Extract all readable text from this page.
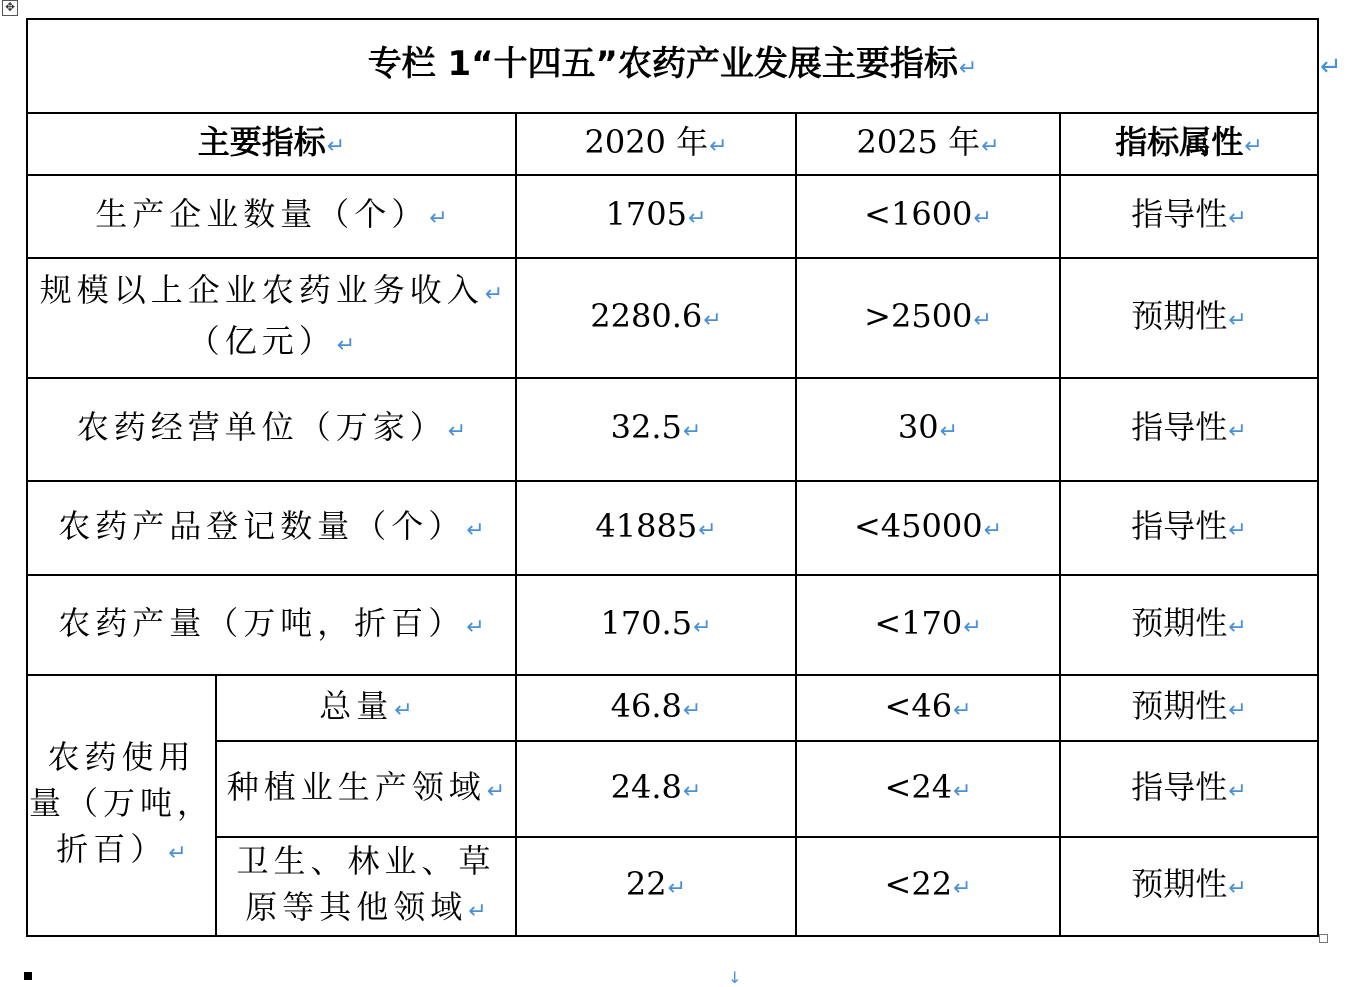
✥
↵
专栏 1“十四五”农药产业发展主要指标↵				
主要指标↵		2020 年↵	2025 年↵	指标属性↵
生产企业数量（个）↵		1705↵	<1600↵	指导性↵

规模以上企业农药业务收入↵
（亿元）↵		2280.6↵	>2500↵	预期性↵
农药经营单位（万家）↵		32.5↵	30↵	指导性↵
农药产品登记数量（个）↵		41885↵	<45000↵	指导性↵
农药产量（万吨，折百）↵		170.5↵	<170↵	预期性↵

农药使用
量（万吨，
折百）↵	总量↵	46.8↵	<46↵	预期性↵
	种植业生产领域↵	24.8↵	<24↵	指导性↵

	卫生、林业、草
原等其他领域↵	22↵	<22↵	预期性↵
↓
